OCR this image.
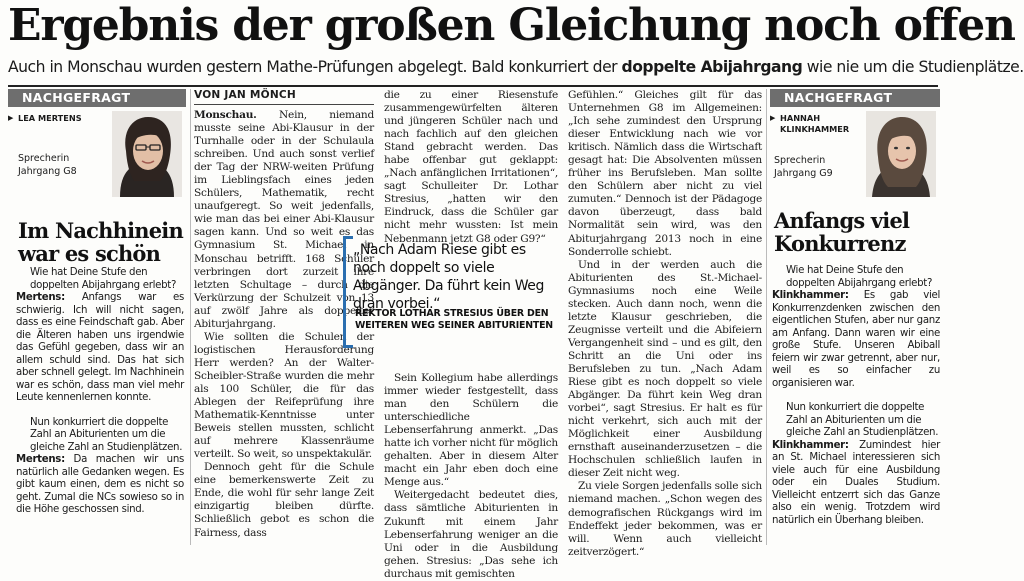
Ergebnis der großen Gleichung noch offen
Auch in Monschau wurden gestern Mathe-Prüfungen abgelegt. Bald konkurriert der doppelte Abijahrgang wie nie um die Studienplätze.
NACHGEFRAGT
▶ LEA MERTENS
Sprecherin
Jahrgang G8
Im Nachhinein war es schön
Wie hat Deine Stufe den doppelten Abijahrgang erlebt?
Mertens: Anfangs war es schwierig. Ich will nicht sagen, dass es eine Feindschaft gab. Aber die Älteren haben uns irgendwie das Gefühl gegeben, dass wir an allem schuld sind. Das hat sich aber schnell gelegt. Im Nachhinein war es schön, dass man viel mehr Leute kennenlernen konnte.
Nun konkurriert die doppelte Zahl an Abiturienten um die gleiche Zahl an Studienplätzen.
Mertens: Da machen wir uns natürlich alle Gedanken wegen. Es gibt kaum einen, dem es nicht so geht. Zumal die NCs sowieso so in die Höhe geschossen sind.
VON JAN MÖNCH

Monschau. Nein, niemand musste seine Abi-Klausur in der Turnhalle oder in der Schulaula schreiben. Und auch sonst verlief der Tag der NRW-weiten Prüfung im Lieblingsfach eines jeden Schülers, Mathematik, recht unaufgeregt. So weit jedenfalls, wie man das bei einer Abi-Klausur sagen kann. Und so weit es das Gymnasium St. Michael in Monschau betrifft. 168 Schüler verbringen dort zurzeit ihre letzten Schultage – durch die Verkürzung der Schulzeit von 13 auf zwölf Jahre als doppelter Abiturjahrgang.

Wie sollten die Schulen der logistischen Herausforderung Herr werden? An der Walter-Scheibler-Straße wurden die mehr als 100 Schüler, die für das Ablegen der Reifeprüfung ihre Mathematik-Kenntnisse unter Beweis stellen mussten, schlicht auf mehrere Klassenräume verteilt. So weit, so unspektakulär.

Dennoch geht für die Schule eine bemerkenswerte Zeit zu Ende, die wohl für sehr lange Zeit einzigartig bleiben dürfte. Schließlich gebot es schon die Fairness, dass

die zu einer Riesenstufe zusammengewürfelten älteren und jüngeren Schüler nach und nach fachlich auf den gleichen Stand gebracht werden. Das habe offenbar gut geklappt: „Nach anfänglichen Irritationen“, sagt Schulleiter Dr. Lothar Stresius, „hatten wir den Eindruck, dass die Schüler gar nicht mehr wussten: Ist mein Nebenmann jetzt G8 oder G9?“

„Nach Adam Riese gibt es noch doppelt so viele Abgänger. Da führt kein Weg dran vorbei.“
REKTOR LOTHAR STRESIUS ÜBER DEN WEITEREN WEG SEINER ABITURIENTEN

Sein Kollegium habe allerdings immer wieder festgestellt, dass man den Schülern die unterschiedliche Lebenserfahrung anmerkt. „Das hatte ich vorher nicht für möglich gehalten. Aber in diesem Alter macht ein Jahr eben doch eine Menge aus.“

Weitergedacht bedeutet dies, dass sämtliche Abiturienten in Zukunft mit einem Jahr Lebenserfahrung weniger an die Uni oder in die Ausbildung gehen. Stresius: „Das sehe ich durchaus mit gemischten

Gefühlen.“ Gleiches gilt für das Unternehmen G8 im Allgemeinen: „Ich sehe zumindest den Ursprung dieser Entwicklung nach wie vor kritisch. Nämlich dass die Wirtschaft gesagt hat: Die Absolventen müssen früher ins Berufsleben. Man sollte den Schülern aber nicht zu viel zumuten.“ Dennoch ist der Pädagoge davon überzeugt, dass bald Normalität sein wird, was den Abiturjahrgang 2013 noch in eine Sonderrolle schiebt.

Und in der werden auch die Abiturienten des St.-Michael-Gymnasiums noch eine Weile stecken. Auch dann noch, wenn die letzte Klausur geschrieben, die Zeugnisse verteilt und die Abifeiern Vergangenheit sind – und es gilt, den Schritt an die Uni oder ins Berufsleben zu tun. „Nach Adam Riese gibt es noch doppelt so viele Abgänger. Da führt kein Weg dran vorbei“, sagt Stresius. Er halt es für nicht verkehrt, sich auch mit der Möglichkeit einer Ausbildung ernsthaft auseinanderzusetzen – die Hochschulen schließlich laufen in dieser Zeit nicht weg.

Zu viele Sorgen jedenfalls solle sich niemand machen. „Schon wegen des demografischen Rückgangs wird im Endeffekt jeder bekommen, was er will. Wenn auch vielleicht zeitverzögert.“

NACHGEFRAGT
▶ HANNAH
KLINKHAMMER
Sprecherin
Jahrgang G9
Anfangs viel Konkurrenz
Wie hat Deine Stufe den doppelten Abijahrgang erlebt?
Klinkhammer: Es gab viel Konkurrenzdenken zwischen den eigentlichen Stufen, aber nur ganz am Anfang. Dann waren wir eine große Stufe. Unseren Abiball feiern wir zwar getrennt, aber nur, weil es so einfacher zu organisieren war.
Nun konkurriert die doppelte Zahl an Abiturienten um die gleiche Zahl an Studienplätzen.
Klinkhammer: Zumindest hier an St. Michael interessieren sich viele auch für eine Ausbildung oder ein Duales Studium. Vielleicht entzerrt sich das Ganze also ein wenig. Trotzdem wird natürlich ein Überhang bleiben.
